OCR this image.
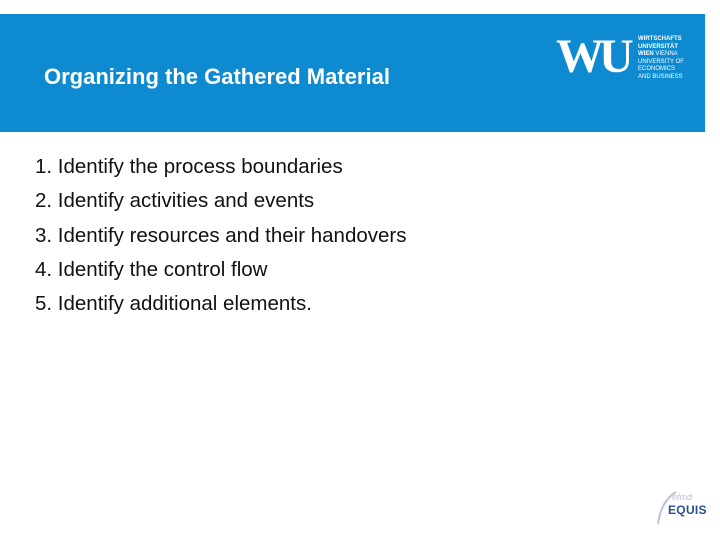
Organizing the Gathered Material	WU WIRTSCHAFTS
UNIVERSITÄT
WIEN VIENNA
UNIVERSITY OF
ECONOMICS
AND BUSINESS
1. Identify the process boundaries
2. Identify activities and events
3. Identify resources and their handovers
4. Identify the control flow
5. Identify additional elements.
efmd
EQUIS
